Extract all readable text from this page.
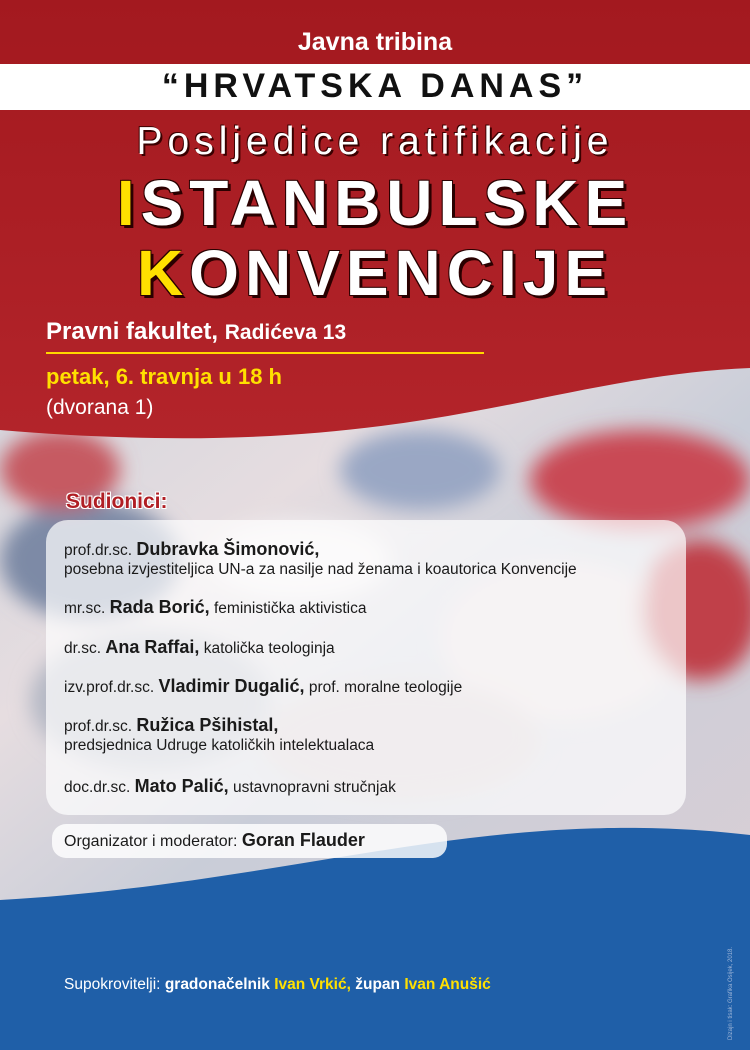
Javna tribina
“HRVATSKA DANAS”
Posljedice ratifikacije
ISTANBULSKE
KONVENCIJE
Pravni fakultet, Radićeva 13
petak, 6. travnja u 18 h
(dvorana 1)
Sudionici:
prof.dr.sc. Dubravka Šimonović,
posebna izvjestiteljica UN-a za nasilje nad ženama i koautorica Konvencije
mr.sc. Rada Borić, feministička aktivistica
dr.sc. Ana Raffai, katolička teologinja
izv.prof.dr.sc. Vladimir Dugalić, prof. moralne teologije
prof.dr.sc. Ružica Pšihistal,
predsjednica Udruge katoličkih intelektualaca
doc.dr.sc. Mato Palić, ustavnopravni stručnjak
Organizator i moderator: Goran Flauder
Supokrovitelji: gradonačelnik Ivan Vrkić, župan Ivan Anušić	Dizajn i tisak: Grafika Osijek, 2018.
